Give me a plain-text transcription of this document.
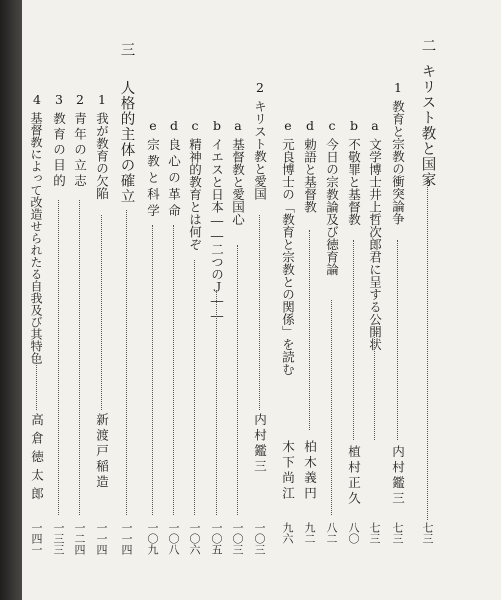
二キリスト教と国家
七三
1
教育と宗教の衝突論争
内村鑑三
七三
a
文学博士井上哲次郎君に呈する公開状
七三
b
不敬罪と基督教
植村正久
八〇
c
今日の宗教論及び徳育論
八二
d
勅語と基督教
柏木義円
九二
e
元良博士の「教育と宗教との関係」を読む
木下尚江
九六
2
キリスト教と愛国
内村鑑三
一〇三
a
基督教と愛国心
一〇三
b
イエスと日本――二つのＪ――
一〇五
c
精神的教育とは何ぞ
一〇六
d
良心の革命
一〇八
e
宗教と科学
一〇九
三
人格的主体の確立
一一四
1
我が教育の欠陥
新渡戸稲造
一一四
2
青年の立志
一二四
3
教育の目的
一三三
4
基督教によって改造せられたる自我及び其特色
高倉徳太郎
一四一
